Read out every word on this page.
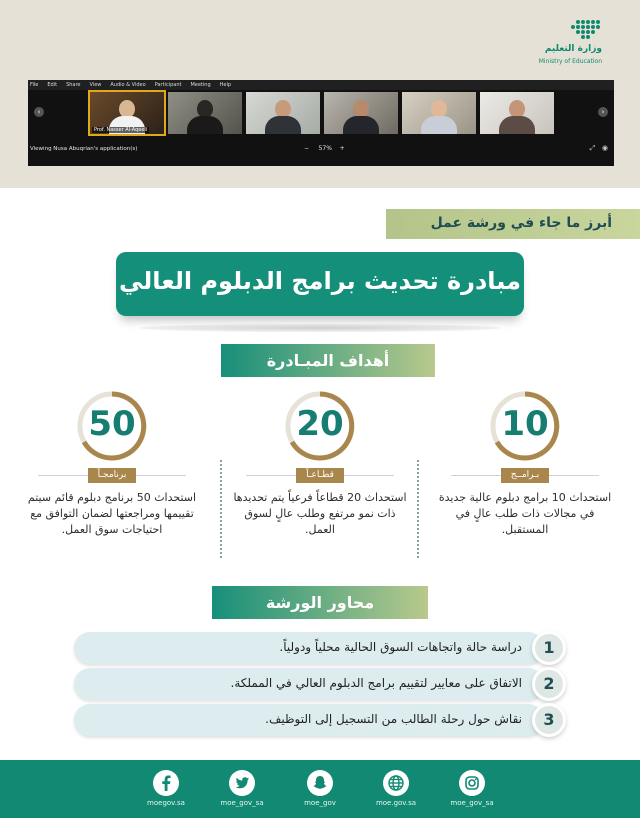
وزارة التعليم
Ministry of Education
File Edit Share View Audio & Video Participant Meeting Help
‹	›
Prof. Nasser Al-Aqeeli
Viewing Nusa Abuqrian's application(s)	− 57% +	⤢ ◉
أبرز ما جاء في ورشة عمل
مبادرة تحديث برامج الدبلوم العالي
أهداف المبـادرة
10
بـرامــج
استحداث 10 برامج دبلوم عالية جديدة في مجالات ذات طلب عالٍ في المستقبل.
20
قطـاعـاً
استحداث 20 قطاعاً فرعياً يتم تحديدها ذات نمو مرتفع وطلب عالٍ لسوق العمل.
50
برنامجـاً
استحداث 50 برنامج دبلوم قائم سيتم تقييمها ومراجعتها لضمان التوافق مع احتياجات سوق العمل.
محاور الورشة
دراسة حالة واتجاهات السوق الحالية محلياً ودولياً.	1
الاتفاق على معايير لتقييم برامج الدبلوم العالي في المملكة.	2
نقاش حول رحلة الطالب من التسجيل إلى التوظيف.	3
moegov.sa	moe_gov_sa	moe_gov	moe.gov.sa	moe_gov_sa
